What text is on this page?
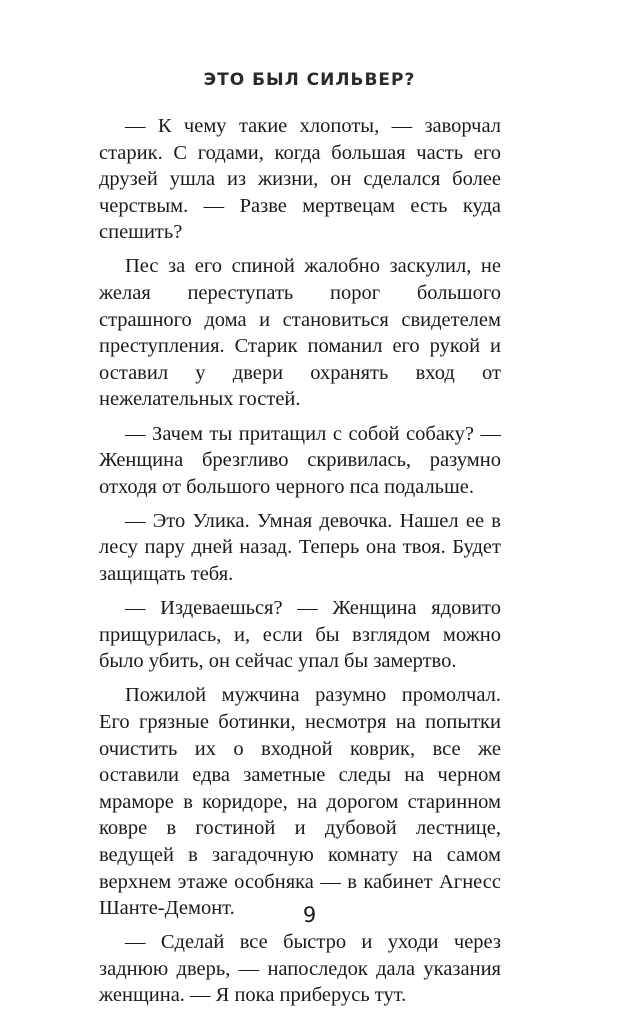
ЭТО БЫЛ СИЛЬВЕР?

— К чему такие хлопоты, — заворчал старик. С годами, когда большая часть его друзей ушла из жизни, он сделался более черствым. — Разве мертвецам есть куда спешить?

Пес за его спиной жалобно заскулил, не желая переступать порог большого страшного дома и становиться свидетелем преступления. Старик поманил его рукой и оставил у двери охранять вход от нежелательных гостей.

— Зачем ты притащил с собой собаку? — Женщина брезгливо скривилась, разумно отходя от большого черного пса подальше.

— Это Улика. Умная девочка. Нашел ее в лесу пару дней назад. Теперь она твоя. Будет защищать тебя.

— Издеваешься? — Женщина ядовито прищурилась, и, если бы взглядом можно было убить, он сейчас упал бы замертво.

Пожилой мужчина разумно промолчал. Его грязные ботинки, несмотря на попытки очистить их о входной коврик, все же оставили едва заметные следы на черном мраморе в коридоре, на дорогом старинном ковре в гостиной и дубовой лестнице, ведущей в загадочную комнату на самом верхнем этаже особняка — в кабинет Агнесс Шанте-Демонт.

— Сделай все быстро и уходи через заднюю дверь, — напоследок дала указания женщина. — Я пока приберусь тут.

9
